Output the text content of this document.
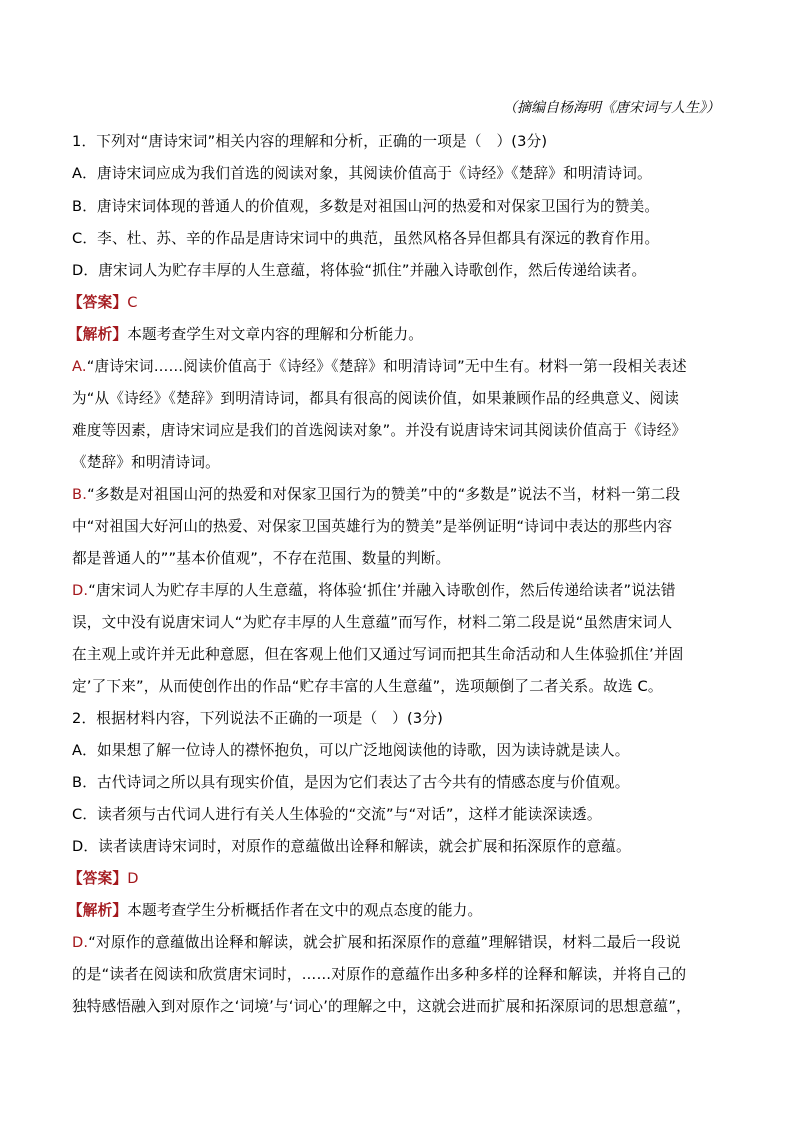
（摘编自杨海明《唐宋词与人生》）
1．下列对“唐诗宋词”相关内容的理解和分析，正确的一项是（　）(3分)
A．唐诗宋词应成为我们首选的阅读对象，其阅读价值高于《诗经》《楚辞》和明清诗词。
B．唐诗宋词体现的普通人的价值观，多数是对祖国山河的热爱和对保家卫国行为的赞美。
C．李、杜、苏、辛的作品是唐诗宋词中的典范，虽然风格各异但都具有深远的教育作用。
D．唐宋词人为贮存丰厚的人生意蕴，将体验“抓住”并融入诗歌创作，然后传递给读者。
【答案】C
【解析】本题考查学生对文章内容的理解和分析能力。
A.“唐诗宋词……阅读价值高于《诗经》《楚辞》和明清诗词”无中生有。材料一第一段相关表述
为“从《诗经》《楚辞》到明清诗词，都具有很高的阅读价值，如果兼顾作品的经典意义、阅读
难度等因素，唐诗宋词应是我们的首选阅读对象”。并没有说唐诗宋词其阅读价值高于《诗经》
《楚辞》和明清诗词。
B.“多数是对祖国山河的热爱和对保家卫国行为的赞美”中的“多数是”说法不当，材料一第二段
中“对祖国大好河山的热爱、对保家卫国英雄行为的赞美”是举例证明“诗词中表达的那些内容
都是普通人的””基本价值观”，不存在范围、数量的判断。
D.“唐宋词人为贮存丰厚的人生意蕴，将体验‘抓住’并融入诗歌创作，然后传递给读者”说法错
误，文中没有说唐宋词人“为贮存丰厚的人生意蕴”而写作，材料二第二段是说“虽然唐宋词人
在主观上或许并无此种意愿，但在客观上他们又通过写词而把其生命活动和人生体验抓住’并固
定’了下来”，从而使创作出的作品“贮存丰富的人生意蕴”，选项颠倒了二者关系。故选 C。
2．根据材料内容，下列说法不正确的一项是（　）(3分)
A．如果想了解一位诗人的襟怀抱负，可以广泛地阅读他的诗歌，因为读诗就是读人。
B．古代诗词之所以具有现实价值，是因为它们表达了古今共有的情感态度与价值观。
C．读者须与古代词人进行有关人生体验的“交流”与“对话”，这样才能读深读透。
D．读者读唐诗宋词时，对原作的意蕴做出诠释和解读，就会扩展和拓深原作的意蕴。
【答案】D
【解析】本题考查学生分析概括作者在文中的观点态度的能力。
D.“对原作的意蕴做出诠释和解读，就会扩展和拓深原作的意蕴”理解错误，材料二最后一段说
的是“读者在阅读和欣赏唐宋词时，……对原作的意蕴作出多种多样的诠释和解读，并将自己的
独特感悟融入到对原作之‘词境’与‘词心’的理解之中，这就会进而扩展和拓深原词的思想意蕴”，
